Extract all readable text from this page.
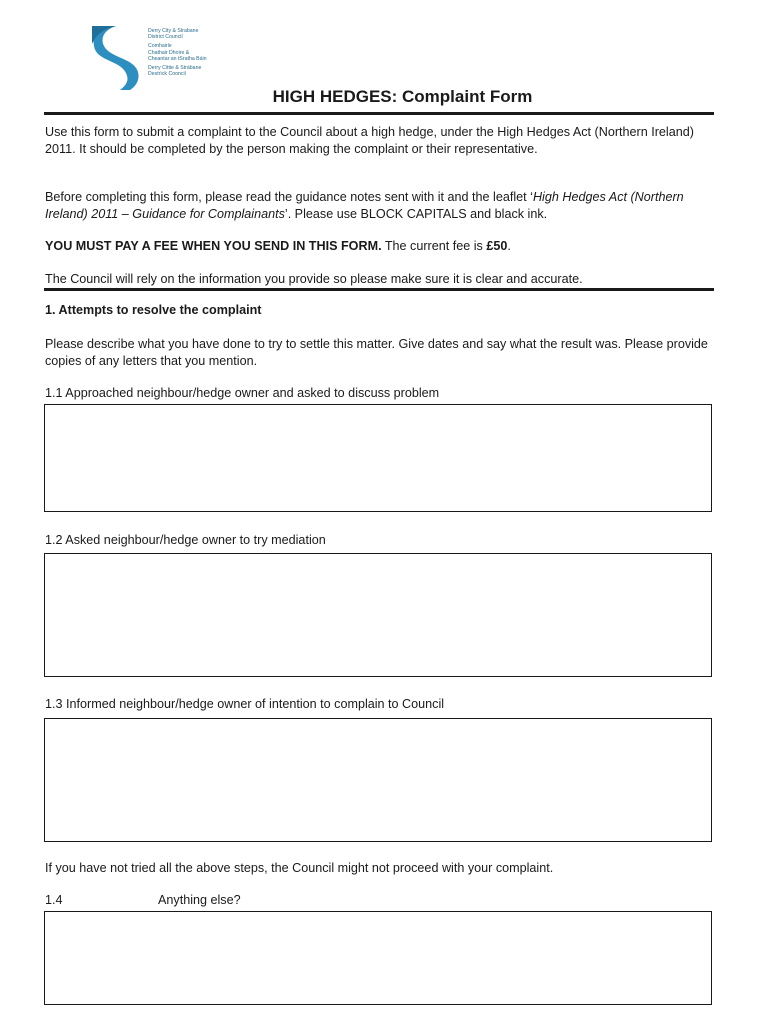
Derry City & Strabane
District Council
Comhairle
Chathair Dhoire &
Cheantar an tSratha Báin
Derry Cittie & Stràbane
Destrìck Cooncil
HIGH HEDGES: Complaint Form
Use this form to submit a complaint to the Council about a high hedge, under the High Hedges Act (Northern Ireland) 2011. It should be completed by the person making the complaint or their representative.
Before completing this form, please read the guidance notes sent with it and the leaflet ‘High Hedges Act (Northern Ireland) 2011 – Guidance for Complainants’. Please use BLOCK CAPITALS and black ink.
YOU MUST PAY A FEE WHEN YOU SEND IN THIS FORM. The current fee is £50.
The Council will rely on the information you provide so please make sure it is clear and accurate.
1. Attempts to resolve the complaint
Please describe what you have done to try to settle this matter. Give dates and say what the result was. Please provide copies of any letters that you mention.
1.1 Approached neighbour/hedge owner and asked to discuss problem
1.2 Asked neighbour/hedge owner to try mediation
1.3 Informed neighbour/hedge owner of intention to complain to Council
If you have not tried all the above steps, the Council might not proceed with your complaint.
1.4	Anything else?
